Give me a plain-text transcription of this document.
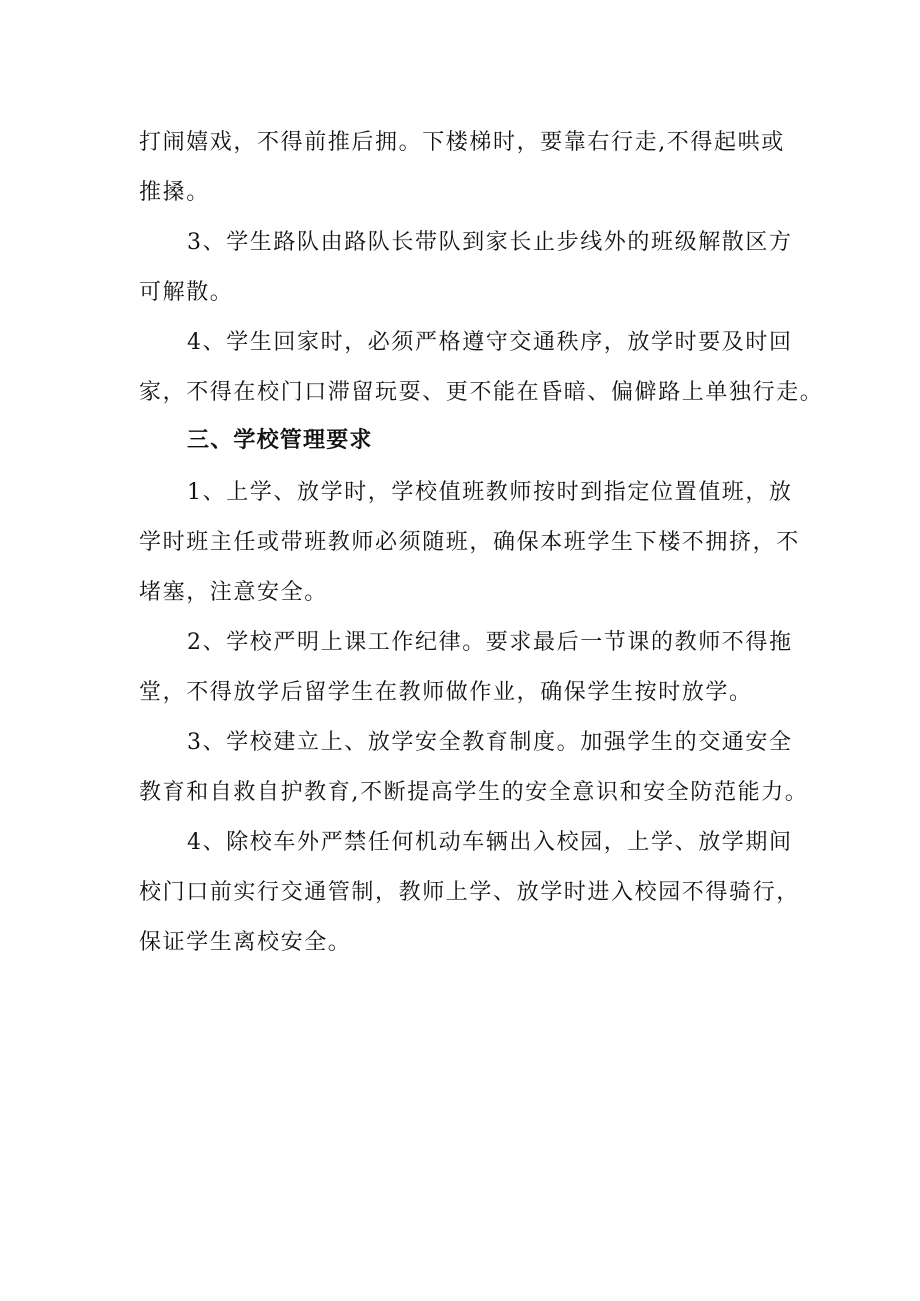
打闹嬉戏，不得前推后拥。下楼梯时，要靠右行走,不得起哄或
推搡。
3、学生路队由路队长带队到家长止步线外的班级解散区方
可解散。
4、学生回家时，必须严格遵守交通秩序，放学时要及时回
家，不得在校门口滞留玩耍、更不能在昏暗、偏僻路上单独行走。
三、学校管理要求
1、上学、放学时，学校值班教师按时到指定位置值班，放
学时班主任或带班教师必须随班，确保本班学生下楼不拥挤，不
堵塞，注意安全。
2、学校严明上课工作纪律。要求最后一节课的教师不得拖
堂，不得放学后留学生在教师做作业，确保学生按时放学。
3、学校建立上、放学安全教育制度。加强学生的交通安全
教育和自救自护教育,不断提高学生的安全意识和安全防范能力。
4、除校车外严禁任何机动车辆出入校园，上学、放学期间
校门口前实行交通管制，教师上学、放学时进入校园不得骑行，
保证学生离校安全。
